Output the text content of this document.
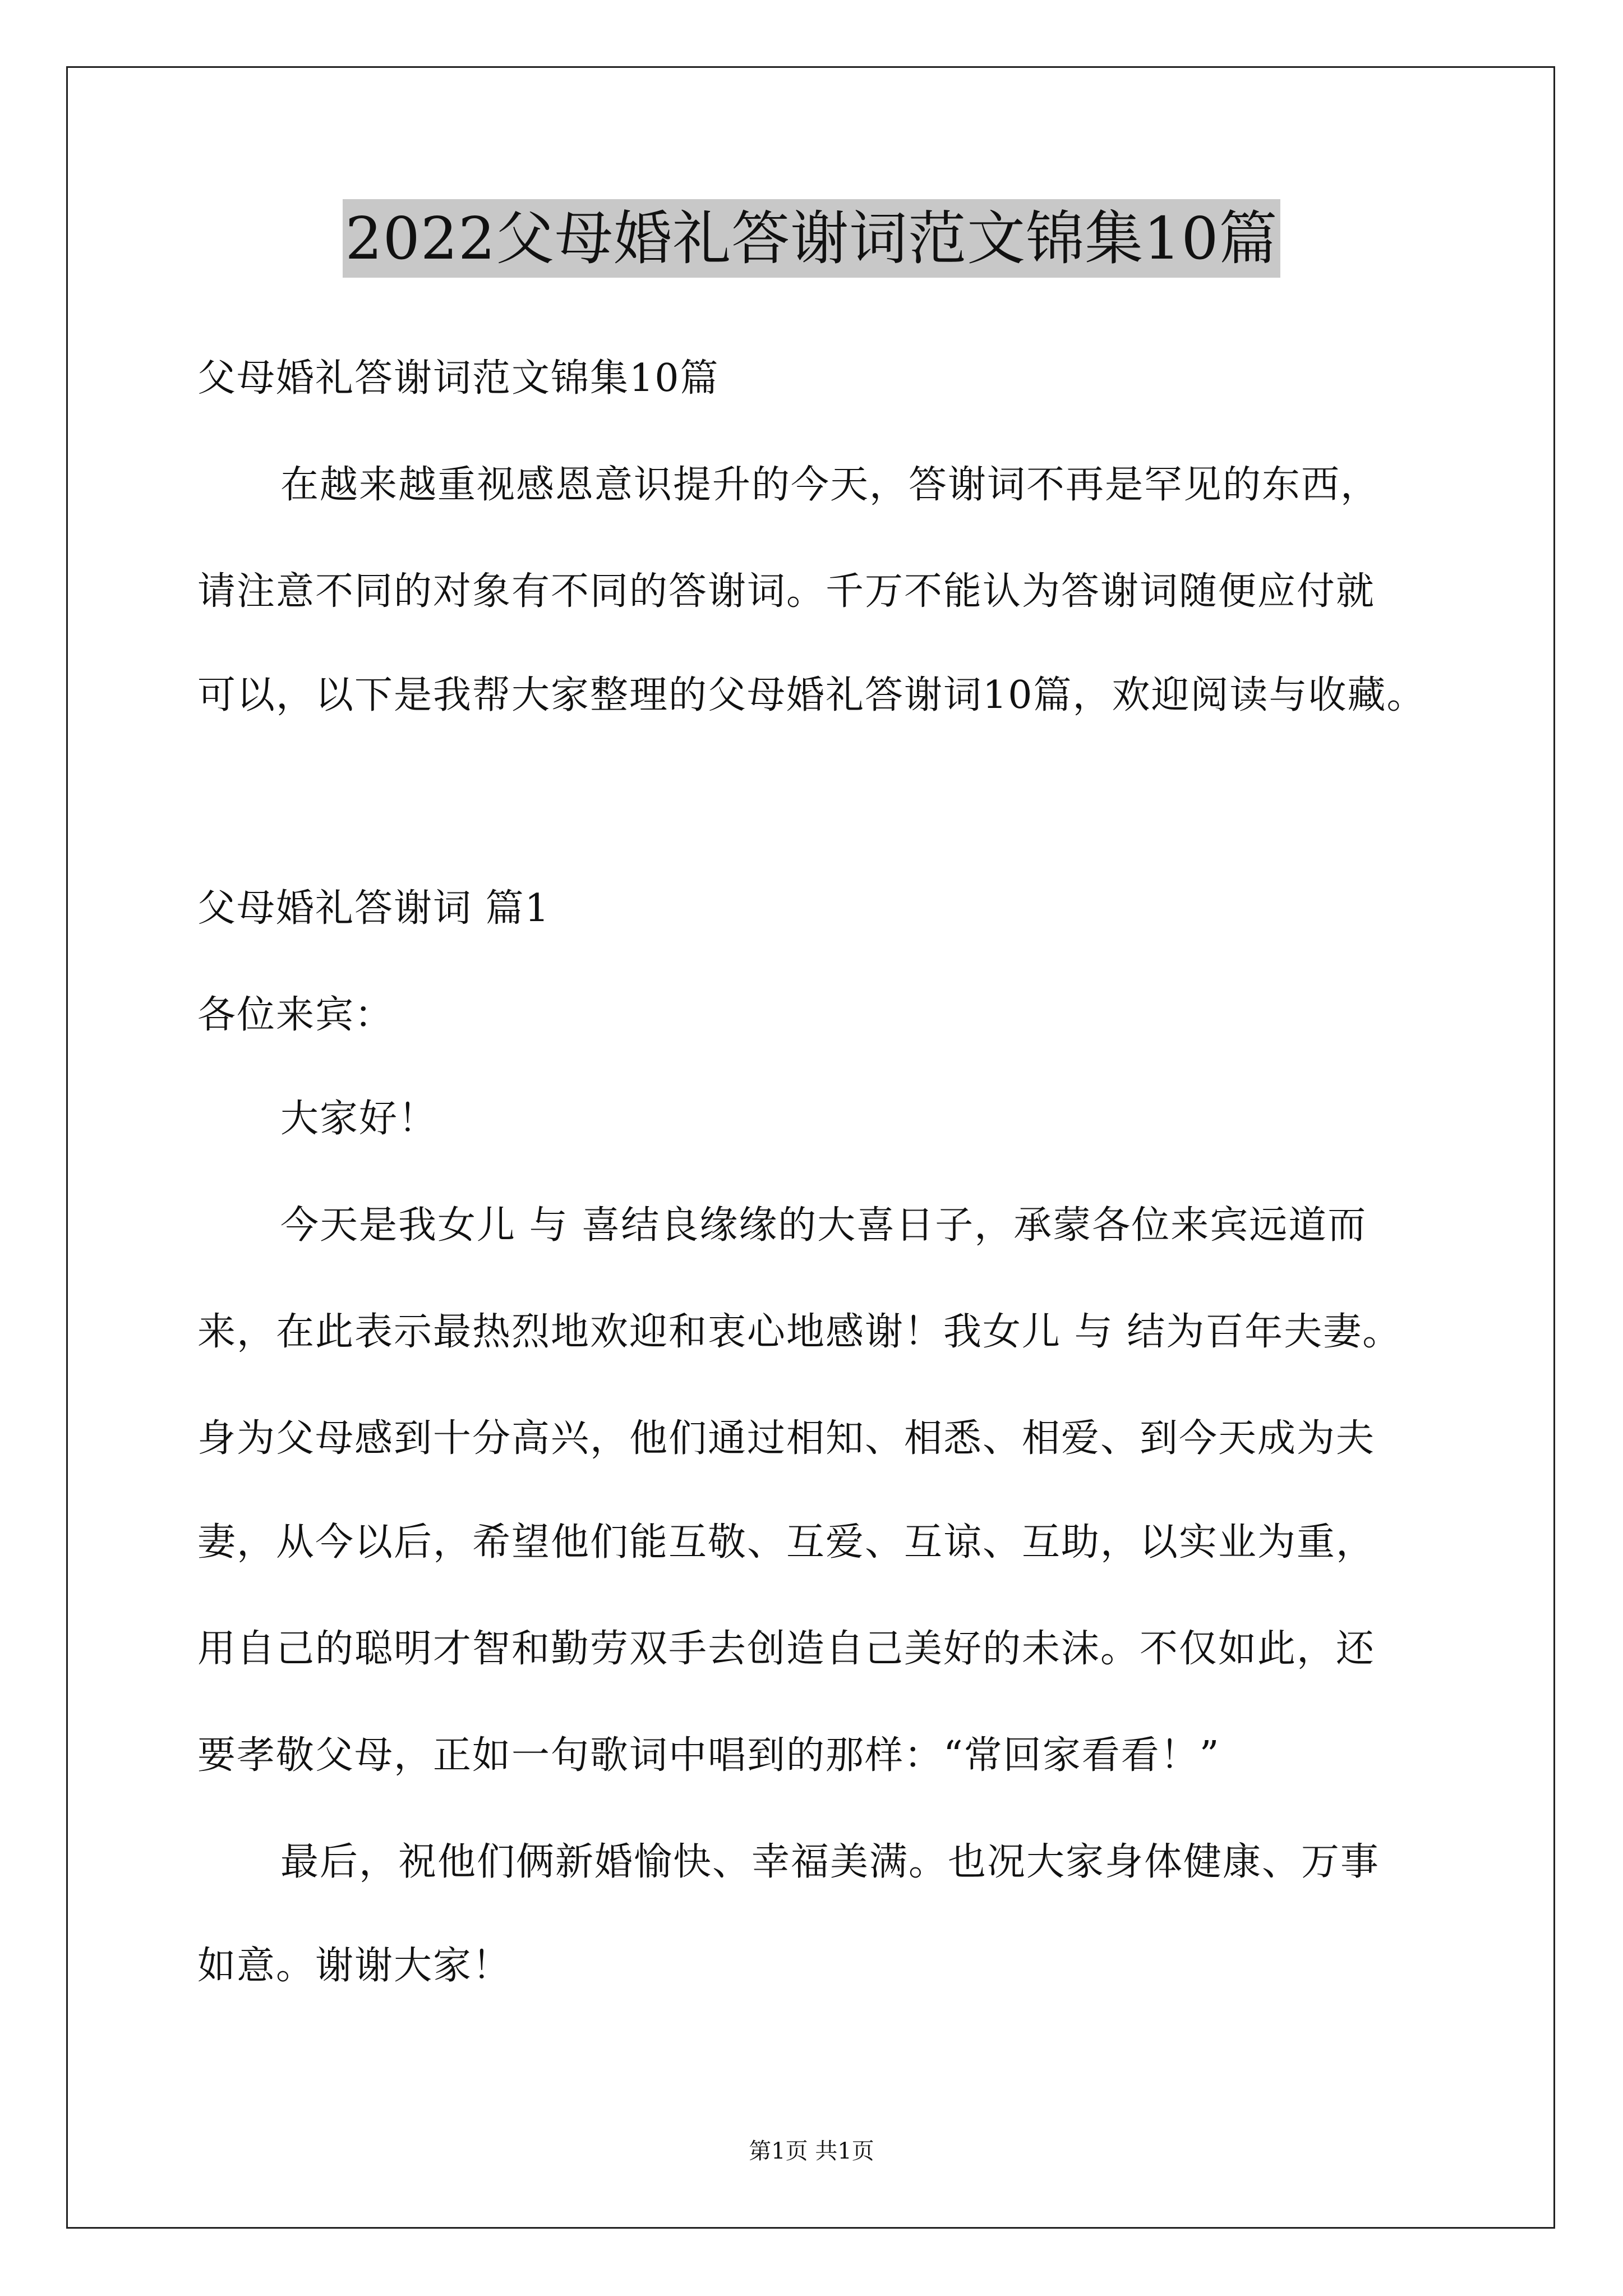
2022父母婚礼答谢词范文锦集10篇
父母婚礼答谢词范文锦集10篇
在越来越重视感恩意识提升的今天，答谢词不再是罕见的东西，
请注意不同的对象有不同的答谢词。千万不能认为答谢词随便应付就
可以，以下是我帮大家整理的父母婚礼答谢词10篇，欢迎阅读与收藏。
父母婚礼答谢词 篇1
各位来宾：
大家好！
今天是我女儿 与 喜结良缘缘的大喜日子，承蒙各位来宾远道而
来，在此表示最热烈地欢迎和衷心地感谢！我女儿 与 结为百年夫妻。
身为父母感到十分高兴，他们通过相知、相悉、相爱、到今天成为夫
妻，从今以后，希望他们能互敬、互爱、互谅、互助，以实业为重，
用自己的聪明才智和勤劳双手去创造自己美好的未沫。不仅如此，还
要孝敬父母，正如一句歌词中唱到的那样：“常回家看看！”
最后，祝他们俩新婚愉快、幸福美满。也况大家身体健康、万事
如意。谢谢大家！
第1页 共1页
